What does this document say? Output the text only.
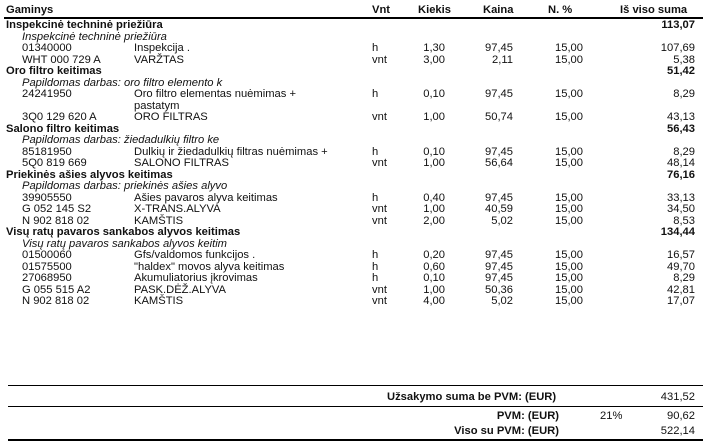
Gaminys	Vnt Kiekis	Kaina	N. %	Iš viso suma
Inspekcinė techninė priežiūra	113,07
Inspekcinė techninė priežiūra
01340000	Inspekcija .	h	1,30	97,45	15,00	107,69
WHT 000 729 A	VARŽTAS	vnt	3,00	2,11	15,00	5,38
Oro filtro keitimas	51,42
Papildomas darbas: oro filtro elemento k
24241950	Oro filtro elementas nuėmimas +	h	0,10	97,45	15,00	8,29
pastatym
3Q0 129 620 A	ORO FILTRAS	vnt	1,00	50,74	15,00	43,13
Salono filtro keitimas	56,43
Papildomas darbas: žiedadulkių filtro ke
85181950	Dulkių ir žiedadulkių filtras nuėmimas +	h	0,10	97,45	15,00	8,29
5Q0 819 669	SALONO FILTRAS	vnt	1,00	56,64	15,00	48,14
Priekinės ašies alyvos keitimas	76,16
Papildomas darbas: priekinės ašies alyvo
39905550	Ašies pavaros alyva keitimas	h	0,40	97,45	15,00	33,13
G 052 145 S2	X-TRANS.ALYVA	vnt	1,00	40,59	15,00	34,50
N 902 818 02	KAMŠTIS	vnt	2,00	5,02	15,00	8,53
Visų ratų pavaros sankabos alyvos keitimas	134,44
Visų ratų pavaros sankabos alyvos keitim
01500060	Gfs/valdomos funkcijos .	h	0,20	97,45	15,00	16,57
01575500	"haldex" movos alyva keitimas	h	0,60	97,45	15,00	49,70
27068950	Akumuliatorius įkrovimas	h	0,10	97,45	15,00	8,29
G 055 515 A2	PASK.DĖŽ.ALYVA	vnt	1,00	50,36	15,00	42,81
N 902 818 02	KAMŠTIS	vnt	4,00	5,02	15,00	17,07
Užsakymo suma be PVM: (EUR)	431,52
PVM: (EUR)	21%	90,62
Viso su PVM: (EUR)	522,14
